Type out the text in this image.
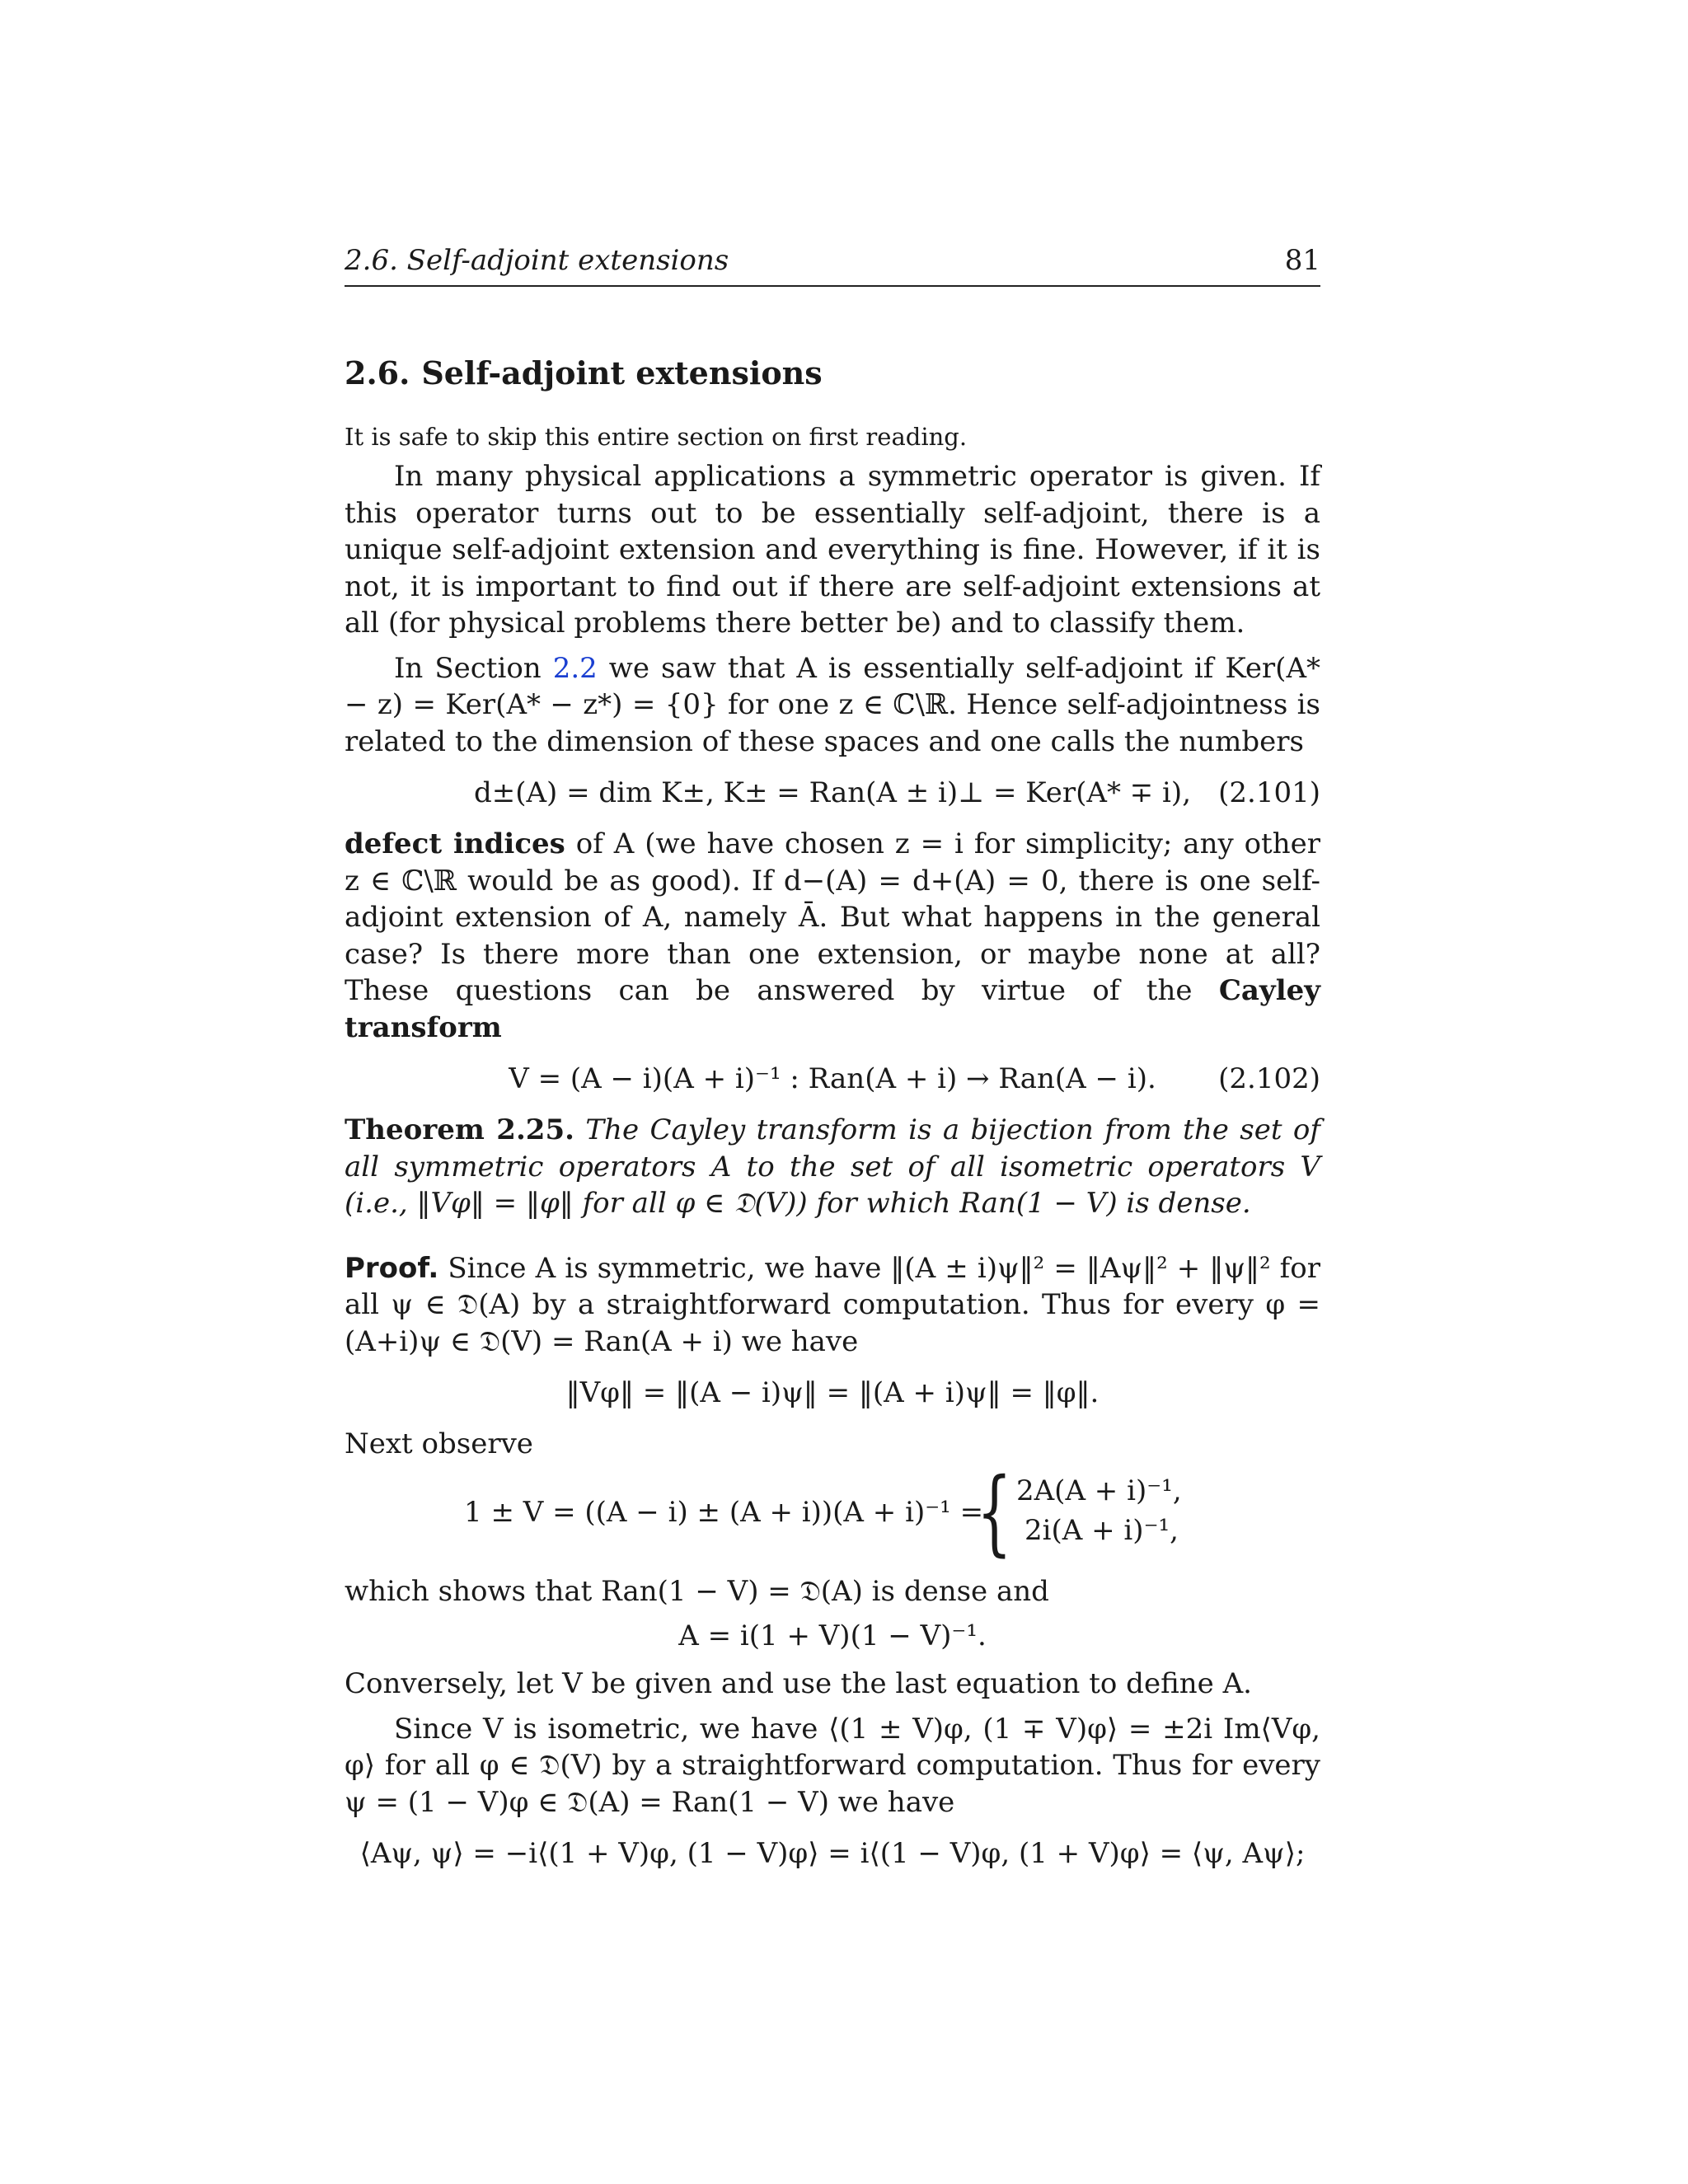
2.6. Self-adjoint extensions	81
2.6. Self-adjoint extensions

It is safe to skip this entire section on first reading.

In many physical applications a symmetric operator is given. If this operator turns out to be essentially self-adjoint, there is a unique self-adjoint extension and everything is fine. However, if it is not, it is important to find out if there are self-adjoint extensions at all (for physical problems there better be) and to classify them.

In Section 2.2 we saw that A is essentially self-adjoint if Ker(A* − z) = Ker(A* − z*) = {0} for one z ∈ ℂ\ℝ. Hence self-adjointness is related to the dimension of these spaces and one calls the numbers

d±(A) = dim K±, K± = Ran(A ± i)⊥ = Ker(A* ∓ i), (2.101)

defect indices of A (we have chosen z = i for simplicity; any other z ∈ ℂ\ℝ would be as good). If d−(A) = d+(A) = 0, there is one self-adjoint extension of A, namely Ā. But what happens in the general case? Is there more than one extension, or maybe none at all? These questions can be answered by virtue of the Cayley transform

V = (A − i)(A + i)⁻¹ : Ran(A + i) → Ran(A − i). (2.102)

Theorem 2.25. The Cayley transform is a bijection from the set of all symmetric operators A to the set of all isometric operators V (i.e., ‖Vφ‖ = ‖φ‖ for all φ ∈ 𝔇(V)) for which Ran(1 − V) is dense.

Proof. Since A is symmetric, we have ‖(A ± i)ψ‖² = ‖Aψ‖² + ‖ψ‖² for all ψ ∈ 𝔇(A) by a straightforward computation. Thus for every φ = (A+i)ψ ∈ 𝔇(V) = Ran(A + i) we have

‖Vφ‖ = ‖(A − i)ψ‖ = ‖(A + i)ψ‖ = ‖φ‖.

Next observe

1 ± V = ((A − i) ± (A + i))(A + i)⁻¹ =
{ 2A(A + i)⁻¹,
2i(A + i)⁻¹,

which shows that Ran(1 − V) = 𝔇(A) is dense and

A = i(1 + V)(1 − V)⁻¹.

Conversely, let V be given and use the last equation to define A.

Since V is isometric, we have ⟨(1 ± V)φ, (1 ∓ V)φ⟩ = ±2i Im⟨Vφ, φ⟩ for all φ ∈ 𝔇(V) by a straightforward computation. Thus for every ψ = (1 − V)φ ∈ 𝔇(A) = Ran(1 − V) we have

⟨Aψ, ψ⟩ = −i⟨(1 + V)φ, (1 − V)φ⟩ = i⟨(1 − V)φ, (1 + V)φ⟩ = ⟨ψ, Aψ⟩;
